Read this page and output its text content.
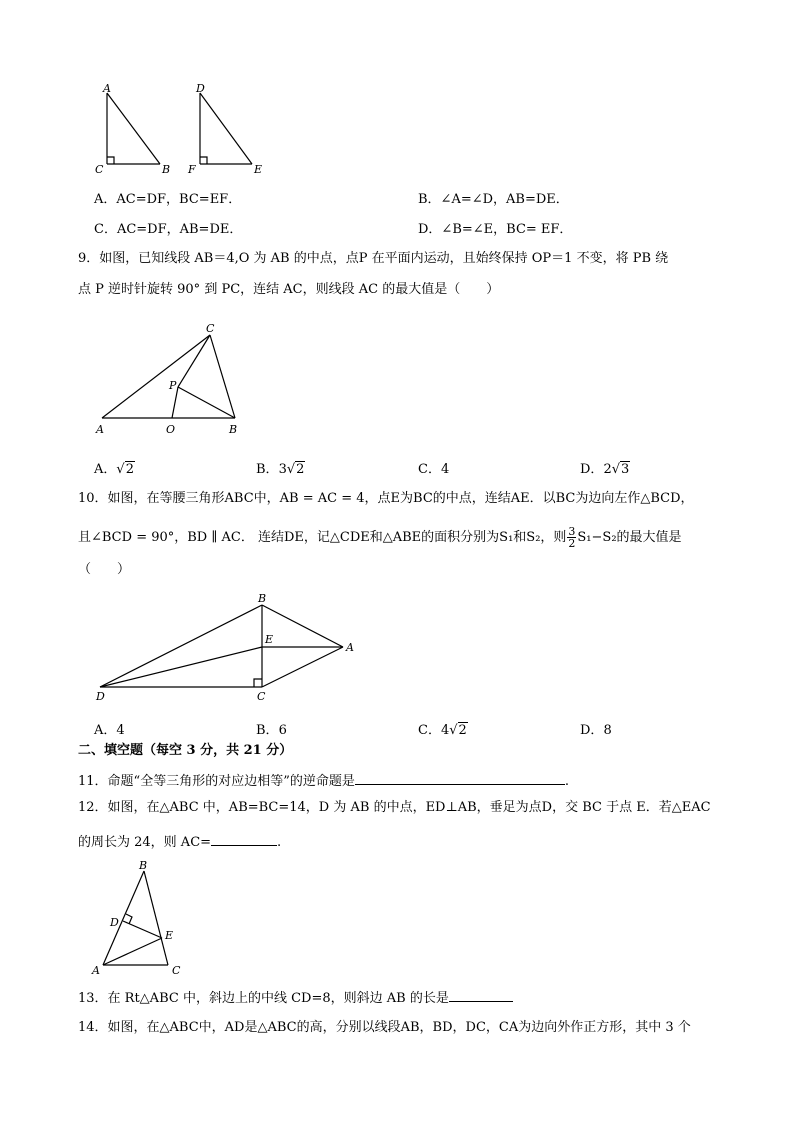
A
C	B
D
F	E
A．AC=DF，BC=EF．	B．∠A=∠D，AB=DE．
C．AC=DF，AB=DE．	D．∠B=∠E，BC= EF．
9．如图，已知线段 AB＝4,O 为 AB 的中点，点P 在平面内运动，且始终保持 OP＝1 不变，将 PB 绕
点 P 逆时针旋转 90° 到 PC，连结 AC，则线段 AC 的最大值是（　　）
A	O	B
P
C
A．√2	B．3√2	C．4	D．2√3
10．如图，在等腰三角形ABC中，AB = AC = 4，点E为BC的中点，连结AE．以BC为边向左作△BCD，
且∠BCD = 90°，BD ∥ AC． 连结DE，记△CDE和△ABE的面积分别为S₁和S₂，则 $\frac{3}{2} S_1-S_2$的最大值是
（　　）
B
E
A
D	C
A．4	B．6	C．4√2	D．8
二、填空题（每空 3 分，共 21 分）
11．命题“全等三角形的对应边相等”的逆命题是	.
12．如图，在△ABC 中，AB=BC=14，D 为 AB 的中点，ED⊥AB，垂足为点D，交 BC 于点 E．若△EAC
的周长为 24，则 AC=	.
B
D
E
A	C
13．在 Rt△ABC 中，斜边上的中线 CD=8，则斜边 AB 的长是
14．如图，在△ABC中，AD是△ABC的高，分别以线段AB，BD，DC，CA为边向外作正方形，其中 3 个
